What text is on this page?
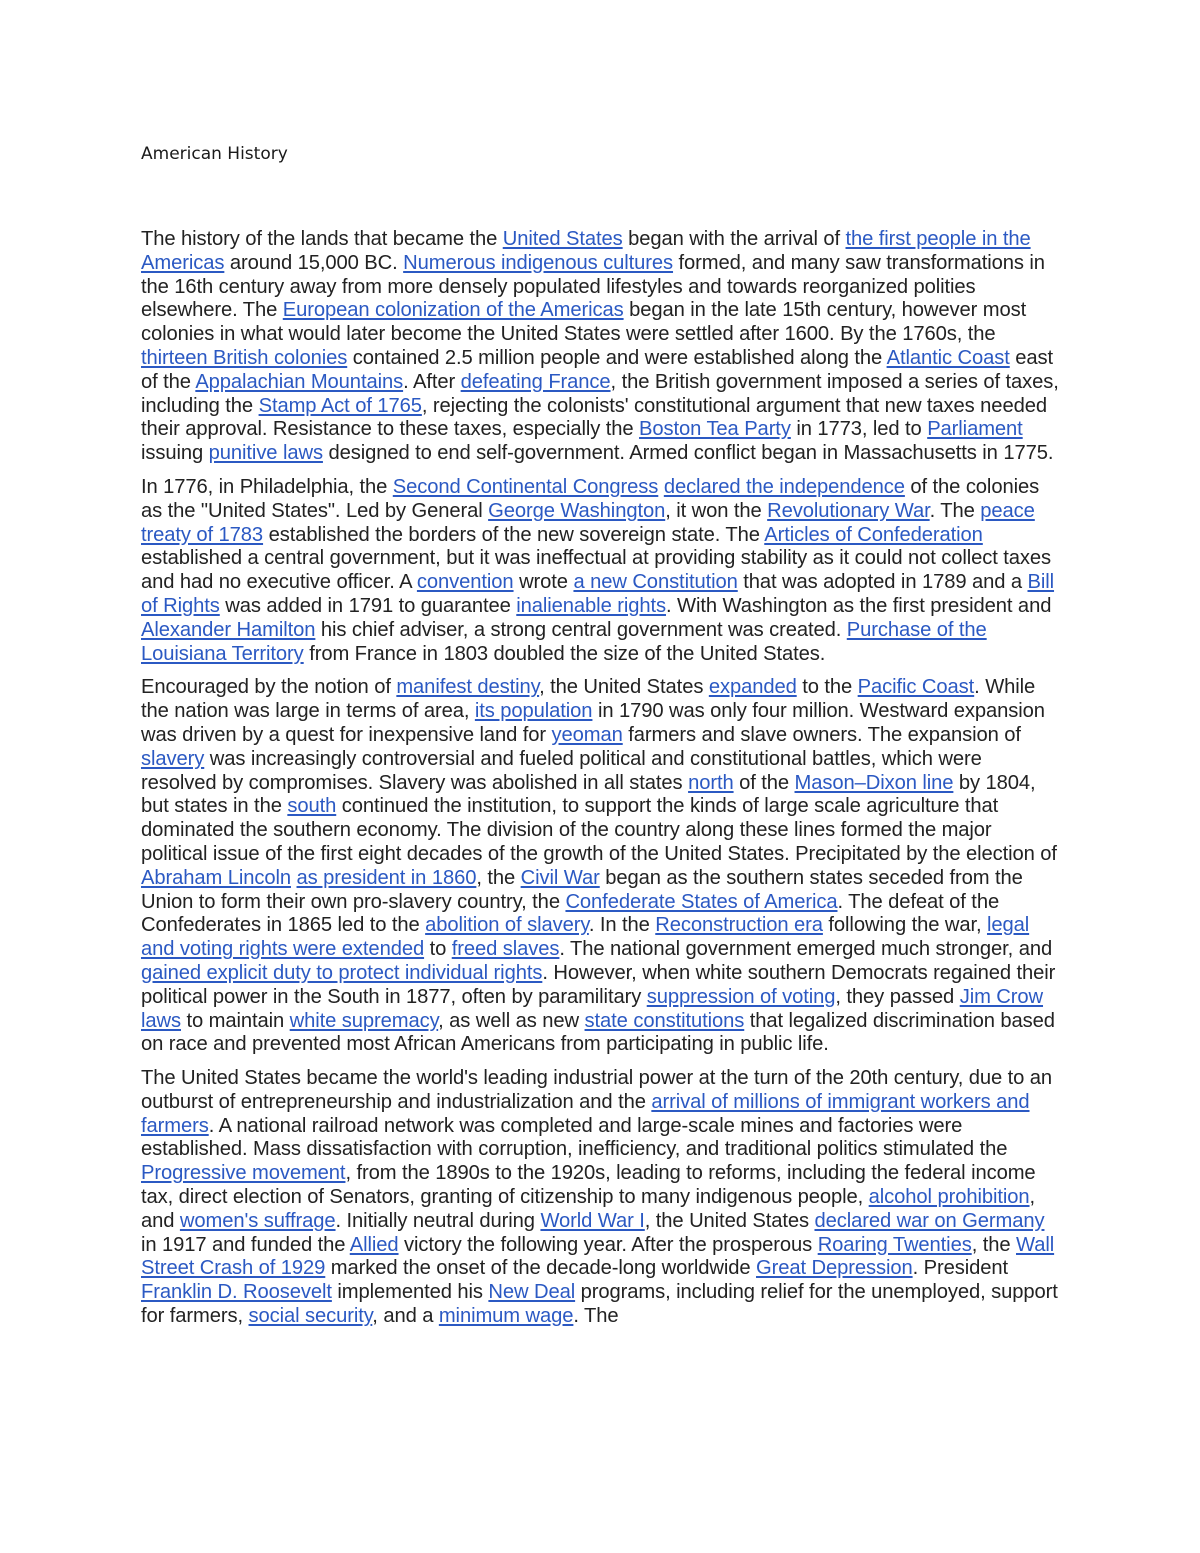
American History

The history of the lands that became the United States began with the arrival of the first people in the Americas around 15,000 BC. Numerous indigenous cultures formed, and many saw transformations in the 16th century away from more densely populated lifestyles and towards reorganized polities elsewhere. The European colonization of the Americas began in the late 15th century, however most colonies in what would later become the United States were settled after 1600. By the 1760s, the thirteen British colonies contained 2.5 million people and were established along the Atlantic Coast east of the Appalachian Mountains. After defeating France, the British government imposed a series of taxes, including the Stamp Act of 1765, rejecting the colonists' constitutional argument that new taxes needed their approval. Resistance to these taxes, especially the Boston Tea Party in 1773, led to Parliament issuing punitive laws designed to end self-government. Armed conflict began in Massachusetts in 1775.

In 1776, in Philadelphia, the Second Continental Congress declared the independence of the colonies as the "United States". Led by General George Washington, it won the Revolutionary War. The peace treaty of 1783 established the borders of the new sovereign state. The Articles of Confederation established a central government, but it was ineffectual at providing stability as it could not collect taxes and had no executive officer. A convention wrote a new Constitution that was adopted in 1789 and a Bill of Rights was added in 1791 to guarantee inalienable rights. With Washington as the first president and Alexander Hamilton his chief adviser, a strong central government was created. Purchase of the Louisiana Territory from France in 1803 doubled the size of the United States.

Encouraged by the notion of manifest destiny, the United States expanded to the Pacific Coast. While the nation was large in terms of area, its population in 1790 was only four million. Westward expansion was driven by a quest for inexpensive land for yeoman farmers and slave owners. The expansion of slavery was increasingly controversial and fueled political and constitutional battles, which were resolved by compromises. Slavery was abolished in all states north of the Mason–Dixon line by 1804, but states in the south continued the institution, to support the kinds of large scale agriculture that dominated the southern economy. The division of the country along these lines formed the major political issue of the first eight decades of the growth of the United States. Precipitated by the election of Abraham Lincoln as president in 1860, the Civil War began as the southern states seceded from the Union to form their own pro-slavery country, the Confederate States of America. The defeat of the Confederates in 1865 led to the abolition of slavery. In the Reconstruction era following the war, legal and voting rights were extended to freed slaves. The national government emerged much stronger, and gained explicit duty to protect individual rights. However, when white southern Democrats regained their political power in the South in 1877, often by paramilitary suppression of voting, they passed Jim Crow laws to maintain white supremacy, as well as new state constitutions that legalized discrimination based on race and prevented most African Americans from participating in public life.

The United States became the world's leading industrial power at the turn of the 20th century, due to an outburst of entrepreneurship and industrialization and the arrival of millions of immigrant workers and farmers. A national railroad network was completed and large-scale mines and factories were established. Mass dissatisfaction with corruption, inefficiency, and traditional politics stimulated the Progressive movement, from the 1890s to the 1920s, leading to reforms, including the federal income tax, direct election of Senators, granting of citizenship to many indigenous people, alcohol prohibition, and women's suffrage. Initially neutral during World War I, the United States declared war on Germany in 1917 and funded the Allied victory the following year. After the prosperous Roaring Twenties, the Wall Street Crash of 1929 marked the onset of the decade-long worldwide Great Depression. President Franklin D. Roosevelt implemented his New Deal programs, including relief for the unemployed, support for farmers, social security, and a minimum wage. The
